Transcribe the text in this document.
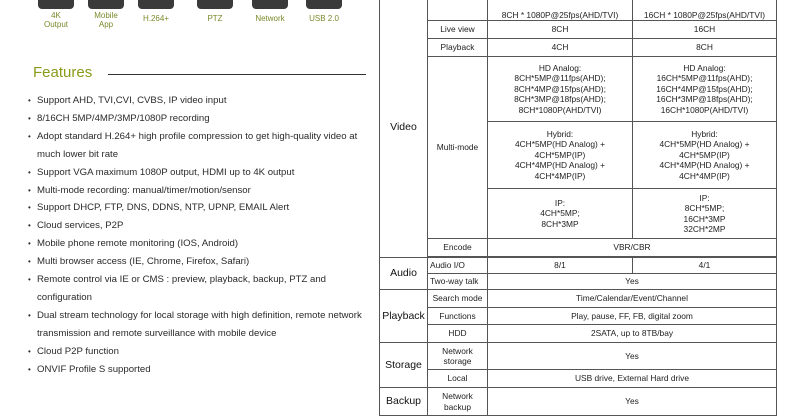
4K
Output
Mobile
App
H.264+	PTZ	Network	USB 2.0
Features
• Support AHD, TVI,CVI, CVBS, IP video input
• 8/16CH 5MP/4MP/3MP/1080P recording
• Adopt standard H.264+ high profile compression to get high-quality video at much lower bit rate
• Support VGA maximum 1080P output, HDMI up to 4K output
• Multi-mode recording: manual/timer/motion/sensor
• Support DHCP, FTP, DNS, DDNS, NTP, UPNP, EMAIL Alert
• Cloud services, P2P
• Mobile phone remote monitoring (IOS, Android)
• Multi browser access (IE, Chrome, Firefox, Safari)
• Remote control via IE or CMS : preview, playback, backup, PTZ and configuration
• Dual stream technology for local storage with high definition, remote network transmission and remote surveillance with mobile device
• Cloud P2P function
• ONVIF Profile S supported
Video		8CH * 1080P@25fps(AHD/TVI)	16CH * 1080P@25fps(AHD/TVI)
	Live view	8CH	16CH
	Playback	4CH	8CH
	Multi-mode	HD Analog:
8CH*5MP@11fps(AHD);
8CH*4MP@15fps(AHD);
8CH*3MP@18fps(AHD);
8CH*1080P(AHD/TVI)	HD Analog:
16CH*5MP@11fps(AHD);
16CH*4MP@15fps(AHD);
16CH*3MP@18fps(AHD);
16CH*1080P(AHD/TVI)
		Hybrid:
4CH*5MP(HD Analog) +
4CH*5MP(IP)
4CH*4MP(HD Analog) +
4CH*4MP(IP)	Hybrid:
4CH*5MP(HD Analog) +
4CH*5MP(IP)
4CH*4MP(HD Analog) +
4CH*4MP(IP)
		IP:
4CH*5MP;
8CH*3MP	IP:
8CH*5MP;
16CH*3MP
32CH*2MP
	Encode	VBR/CBR	

Audio	Audio I/O	8/1	4/1
	Two-way talk	Yes	
Playback	Search mode	Time/Calendar/Event/Channel	
	Functions	Play, pause, FF, FB, digital zoom	
	HDD	2SATA, up to 8TB/bay	
Storage	Network
storage	Yes	
	Local	USB drive, External Hard drive	
Backup	Network
backup	Yes	
